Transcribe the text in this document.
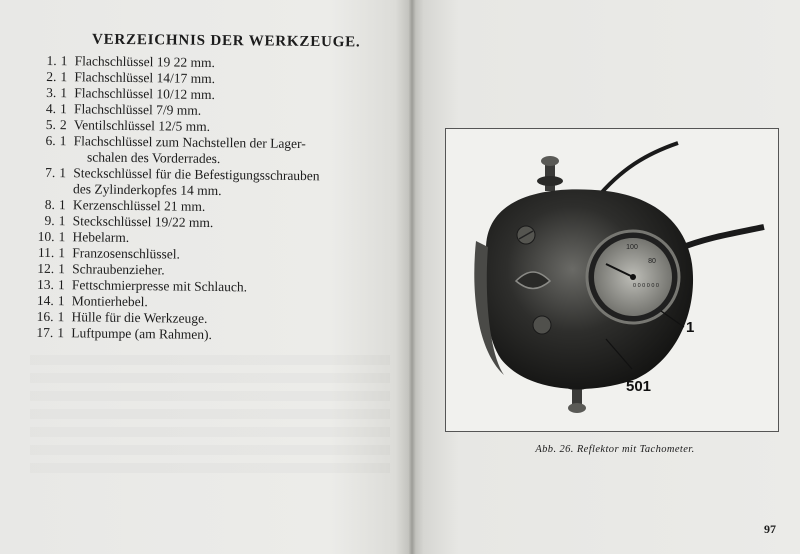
VERZEICHNIS DER WERKZEUGE.
1. 1 Flachschlüssel 19 22 mm.
2. 1 Flachschlüssel 14/17 mm.
3. 1 Flachschlüssel 10/12 mm.
4. 1 Flachschlüssel 7/9 mm.
5. 2 Ventilschlüssel 12/5 mm.
6. 1 Flachschlüssel zum Nachstellen der Lager-
schalen des Vorderrades.
7. 1 Steckschlüssel für die Befestigungsschrauben
des Zylinderkopfes 14 mm.
8. 1 Kerzenschlüssel 21 mm.
9. 1 Steckschlüssel 19/22 mm.
10. 1 Hebelarm.
11. 1 Franzosenschlüssel.
12. 1 Schraubenzieher.
13. 1 Fettschmierpresse mit Schlauch.
14. 1 Montierhebel.
16. 1 Hülle für die Werkzeuge.
17. 1 Luftpumpe (am Rahmen).
100
80
0 0 0 0 0 0
1
501
Abb. 26. Reflektor mit Tachometer.
97
